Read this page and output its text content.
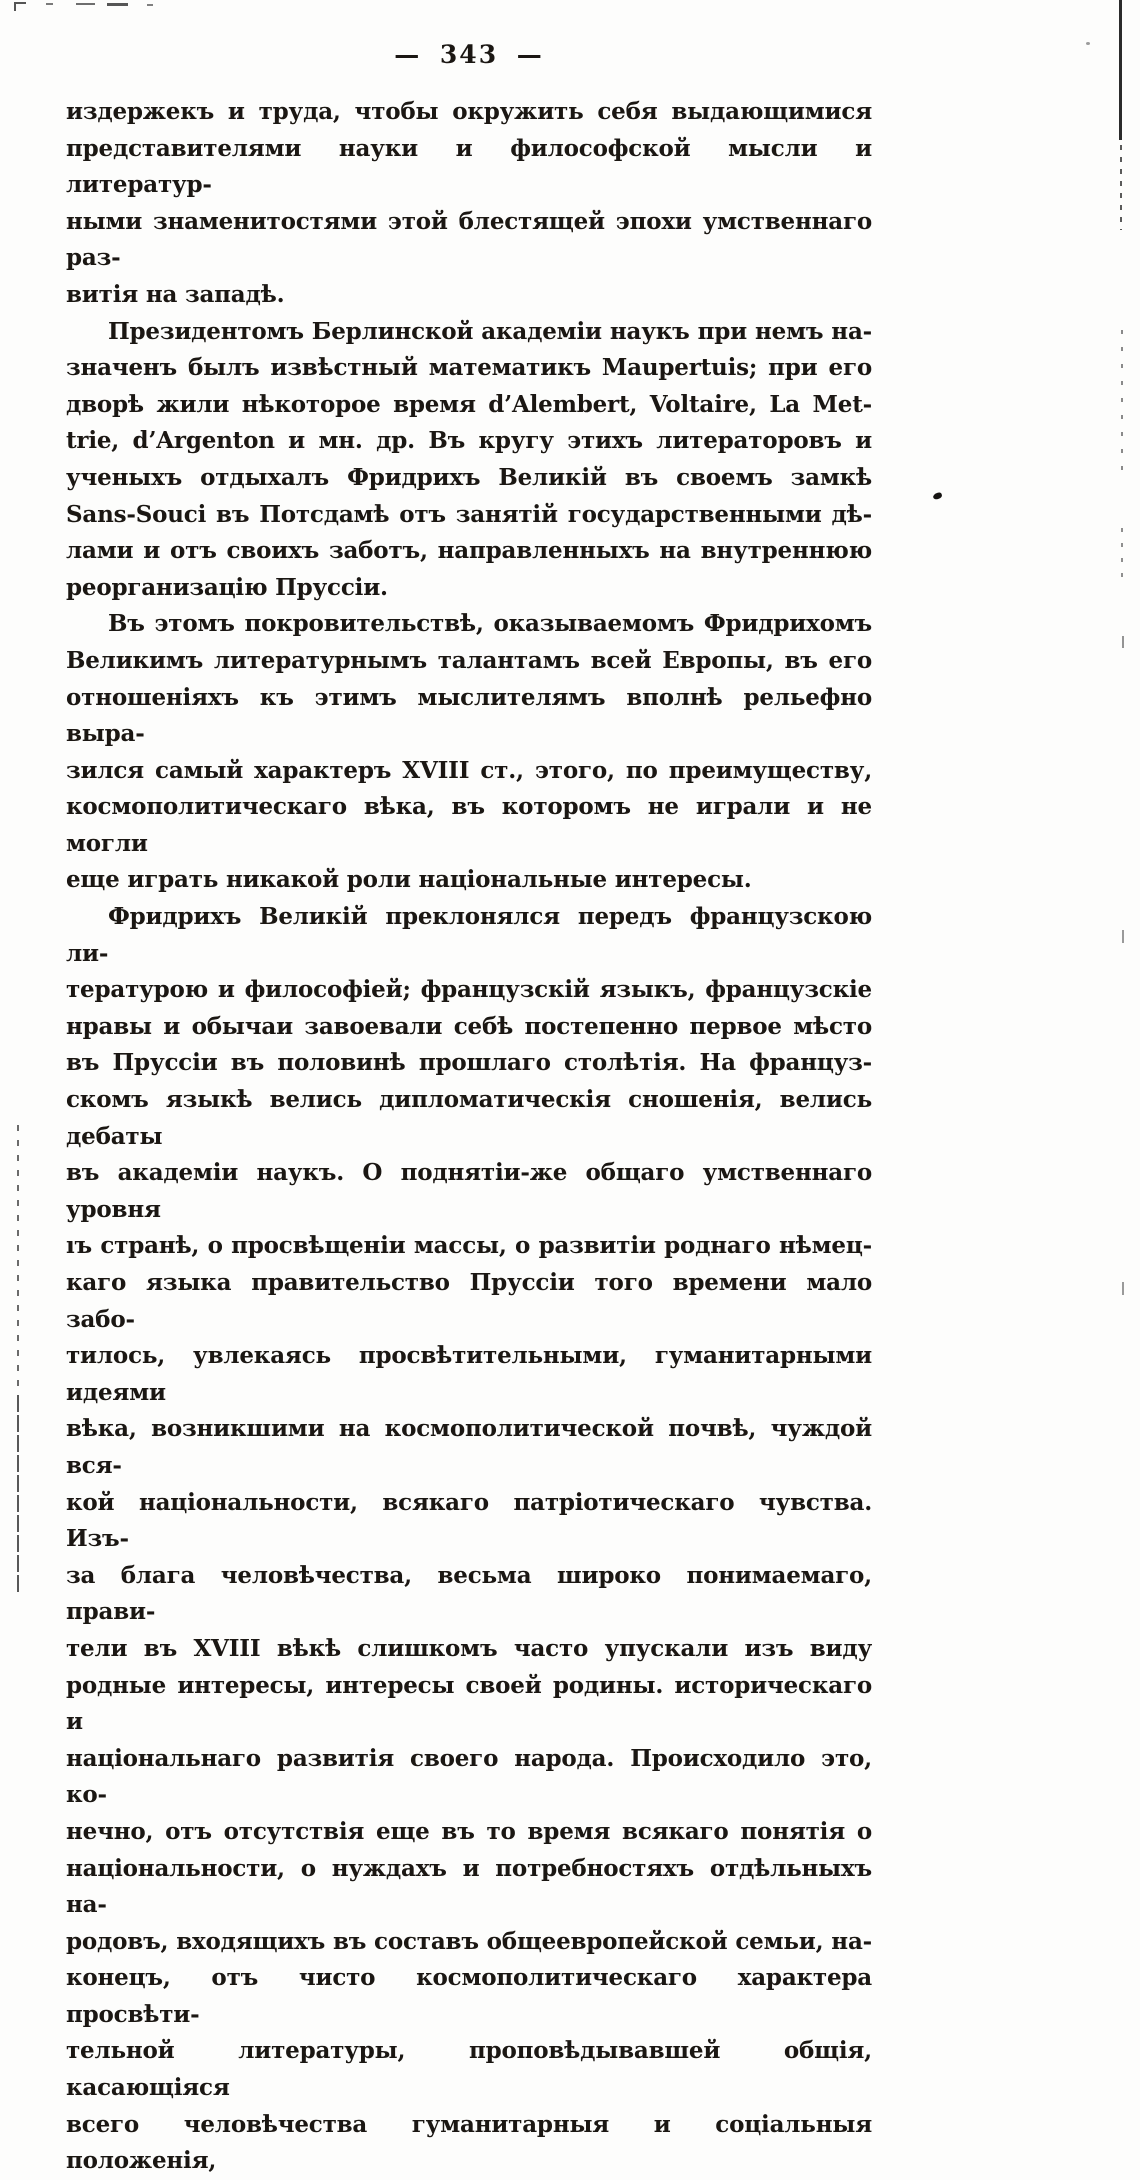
— 343 —
издержекъ и труда, чтобы окружить себя выдающимися
представителями науки и философской мысли и литератур-
ными знаменитостями этой блестящей эпохи умственнаго раз-
витія на западѣ.
Президентомъ Берлинской академіи наукъ при немъ на-
значенъ былъ извѣстный математикъ Maupertuis; при его
дворѣ жили нѣкоторое время d’Alembert, Voltaire, La Met-
trie, d’Argenton и мн. др. Въ кругу этихъ литераторовъ и
ученыхъ отдыхалъ Фридрихъ Великій въ своемъ замкѣ
Sans-Souci въ Потсдамѣ отъ занятій государственными дѣ-
лами и отъ своихъ заботъ, направленныхъ на внутреннюю
реорганизацію Пруссіи.
Въ этомъ покровительствѣ, оказываемомъ Фридрихомъ
Великимъ литературнымъ талантамъ всей Европы, въ его
отношеніяхъ къ этимъ мыслителямъ вполнѣ рельефно выра-
зился самый характеръ XVIII ст., этого, по преимуществу,
космополитическаго вѣка, въ которомъ не играли и не могли
еще играть никакой роли національные интересы.
Фридрихъ Великій преклонялся передъ французскою ли-
тературою и философіей; французскій языкъ, французскіе
нравы и обычаи завоевали себѣ постепенно первое мѣсто
въ Пруссіи въ половинѣ прошлаго столѣтія. На француз-
скомъ языкѣ велись дипломатическія сношенія, велись дебаты
въ академіи наукъ. О поднятіи-же общаго умственнаго уровня
ıъ странѣ, о просвѣщеніи массы, о развитіи роднаго нѣмец-
каго языка правительство Пруссіи того времени мало забо-
тилось, увлекаясь просвѣтительными, гуманитарными идеями
вѣка, возникшими на космополитической почвѣ, чуждой вся-
кой національности, всякаго патріотическаго чувства. Изъ-
за блага человѣчества, весьма широко понимаемаго, прави-
тели въ XVIII вѣкѣ слишкомъ часто упускали изъ виду
родные интересы, интересы своей родины. историческаго и
національнаго развитія своего народа. Происходило это, ко-
нечно, отъ отсутствія еще въ то время всякаго понятія о
національности, о нуждахъ и потребностяхъ отдѣльныхъ на-
родовъ, входящихъ въ составъ общеевропейской семьи, на-
конецъ, отъ чисто космополитическаго характера просвѣти-
тельной литературы, проповѣдывавшей общія, касающіяся
всего человѣчества гуманитарныя и соціальныя положенія,
